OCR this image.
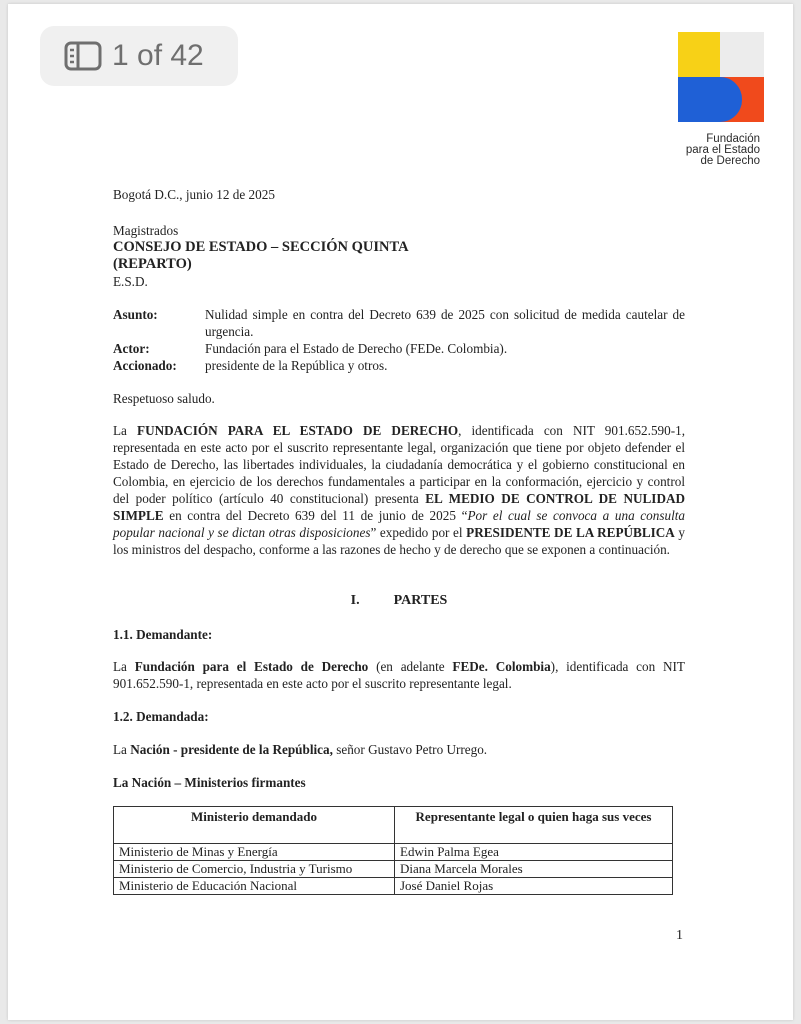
1 of 42
Fundación
para el Estado
de Derecho
Bogotá D.C., junio 12 de 2025
Magistrados
CONSEJO DE ESTADO – SECCIÓN QUINTA
(REPARTO)
E.S.D.
Asunto:	Nulidad simple en contra del Decreto 639 de 2025 con solicitud de medida cautelar de urgencia.
Actor:	Fundación para el Estado de Derecho (FEDe. Colombia).
Accionado:	presidente de la República y otros.
Respetuoso saludo.
La FUNDACIÓN PARA EL ESTADO DE DERECHO, identificada con NIT 901.652.590-1, representada en este acto por el suscrito representante legal, organización que tiene por objeto defender el Estado de Derecho, las libertades individuales, la ciudadanía democrática y el gobierno constitucional en Colombia, en ejercicio de los derechos fundamentales a participar en la conformación, ejercicio y control del poder político (artículo 40 constitucional) presenta EL MEDIO DE CONTROL DE NULIDAD SIMPLE en contra del Decreto 639 del 11 de junio de 2025 “Por el cual se convoca a una consulta popular nacional y se dictan otras disposiciones” expedido por el PRESIDENTE DE LA REPÚBLICA y los ministros del despacho, conforme a las razones de hecho y de derecho que se exponen a continuación.
I. PARTES
1.1. Demandante:
La Fundación para el Estado de Derecho (en adelante FEDe. Colombia), identificada con NIT 901.652.590-1, representada en este acto por el suscrito representante legal.
1.2. Demandada:
La Nación - presidente de la República, señor Gustavo Petro Urrego.
La Nación – Ministerios firmantes
Ministerio demandado	Representante legal o quien haga sus veces
Ministerio de Minas y Energía	Edwin Palma Egea
Ministerio de Comercio, Industria y Turismo	Diana Marcela Morales
Ministerio de Educación Nacional	José Daniel Rojas
1
